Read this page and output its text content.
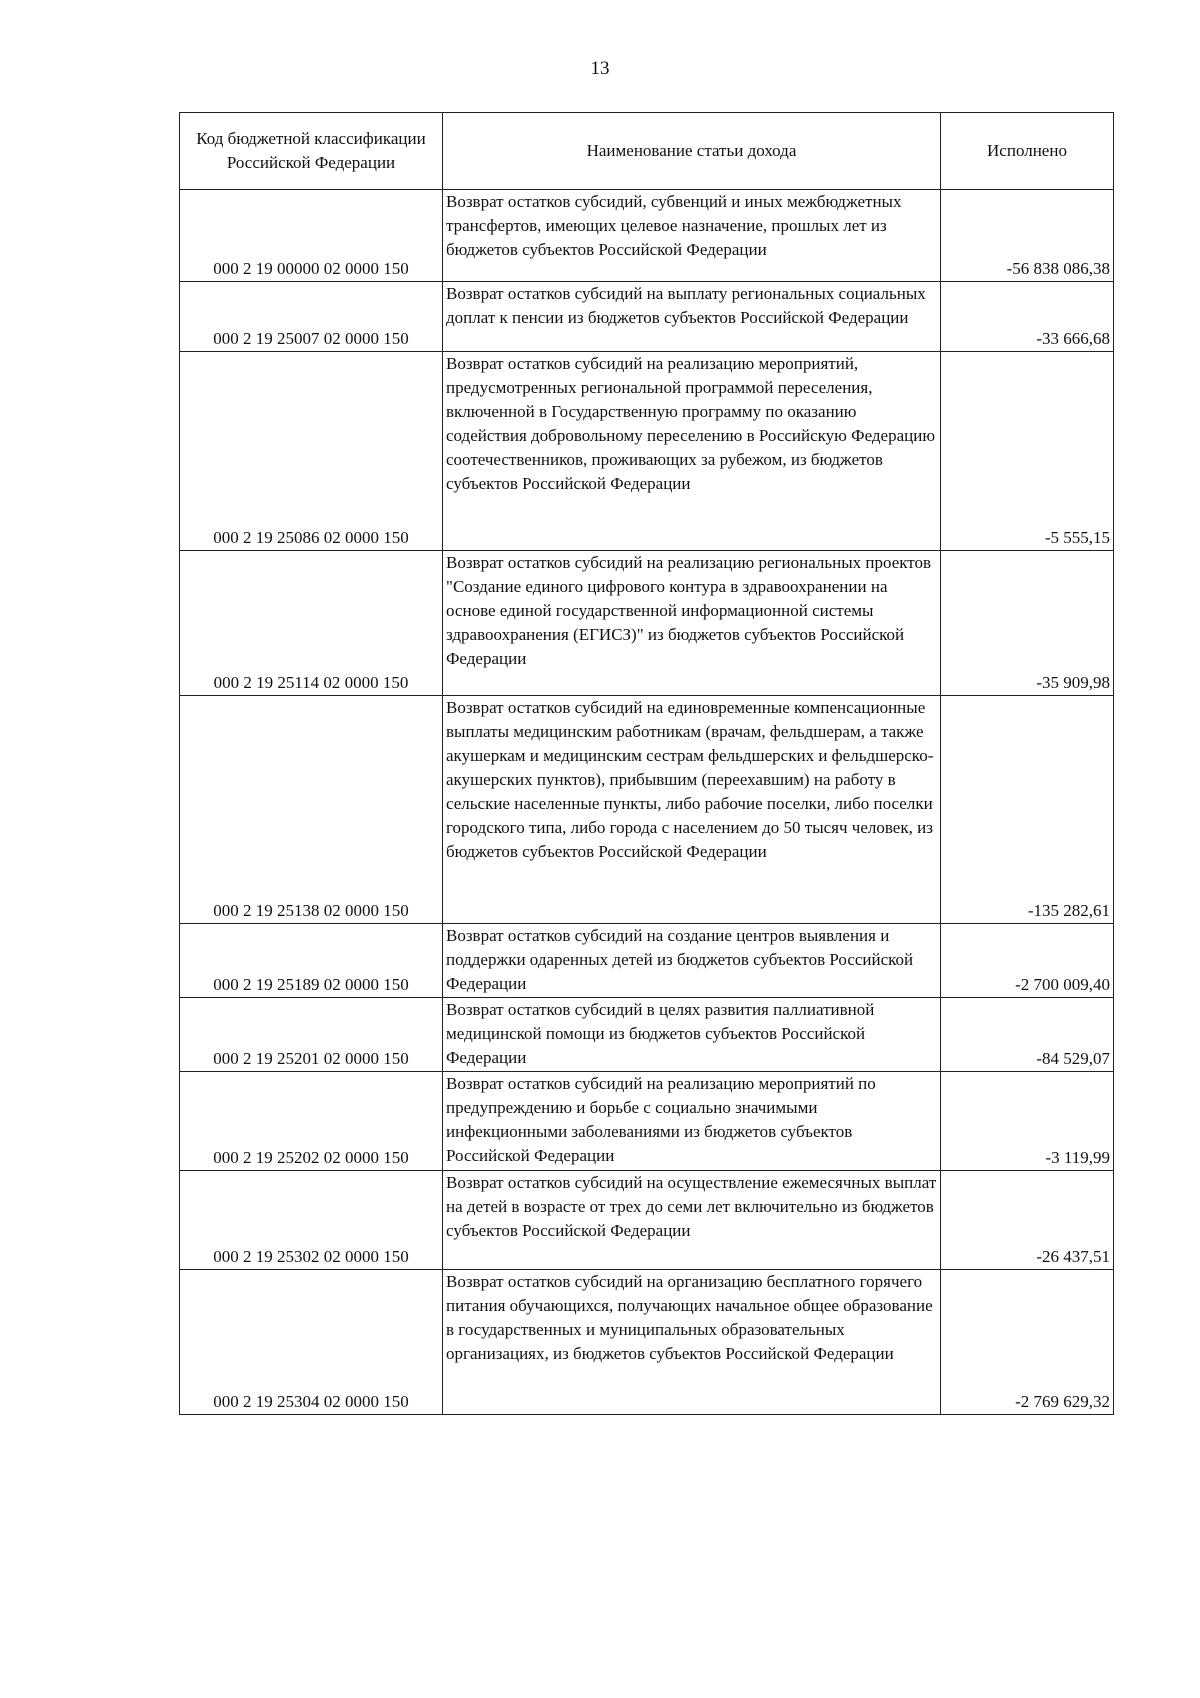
13
Код бюджетной классификации Российской Федерации	Наименование статьи дохода	Исполнено
000 2 19 00000 02 0000 150	Возврат остатков субсидий, субвенций и иных межбюджетных трансфертов, имеющих целевое назначение, прошлых лет из бюджетов субъектов Российской Федерации	-56 838 086,38
000 2 19 25007 02 0000 150	Возврат остатков субсидий на выплату региональных социальных доплат к пенсии из бюджетов субъектов Российской Федерации	-33 666,68
000 2 19 25086 02 0000 150	Возврат остатков субсидий на реализацию мероприятий, предусмотренных региональной программой переселения, включенной в Государственную программу по оказанию содействия добровольному переселению в Российскую Федерацию соотечественников, проживающих за рубежом, из бюджетов субъектов Российской Федерации	-5 555,15
000 2 19 25114 02 0000 150	Возврат остатков субсидий на реализацию региональных проектов "Создание единого цифрового контура в здравоохранении на основе единой государственной информационной системы здравоохранения (ЕГИСЗ)" из бюджетов субъектов Российской Федерации	-35 909,98
000 2 19 25138 02 0000 150	Возврат остатков субсидий на единовременные компенсационные выплаты медицинским работникам (врачам, фельдшерам, а также акушеркам и медицинским сестрам фельдшерских и фельдшерско-акушерских пунктов), прибывшим (переехавшим) на работу в сельские населенные пункты, либо рабочие поселки, либо поселки городского типа, либо города с населением до 50 тысяч человек, из бюджетов субъектов Российской Федерации	-135 282,61
000 2 19 25189 02 0000 150	Возврат остатков субсидий на создание центров выявления и поддержки одаренных детей из бюджетов субъектов Российской Федерации	-2 700 009,40
000 2 19 25201 02 0000 150	Возврат остатков субсидий в целях развития паллиативной медицинской помощи из бюджетов субъектов Российской Федерации	-84 529,07
000 2 19 25202 02 0000 150	Возврат остатков субсидий на реализацию мероприятий по предупреждению и борьбе с социально значимыми инфекционными заболеваниями из бюджетов субъектов Российской Федерации	-3 119,99
000 2 19 25302 02 0000 150	Возврат остатков субсидий на осуществление ежемесячных выплат на детей в возрасте от трех до семи лет включительно из бюджетов субъектов Российской Федерации	-26 437,51
000 2 19 25304 02 0000 150	Возврат остатков субсидий на организацию бесплатного горячего питания обучающихся, получающих начальное общее образование в государственных и муниципальных образовательных организациях, из бюджетов субъектов Российской Федерации	-2 769 629,32
